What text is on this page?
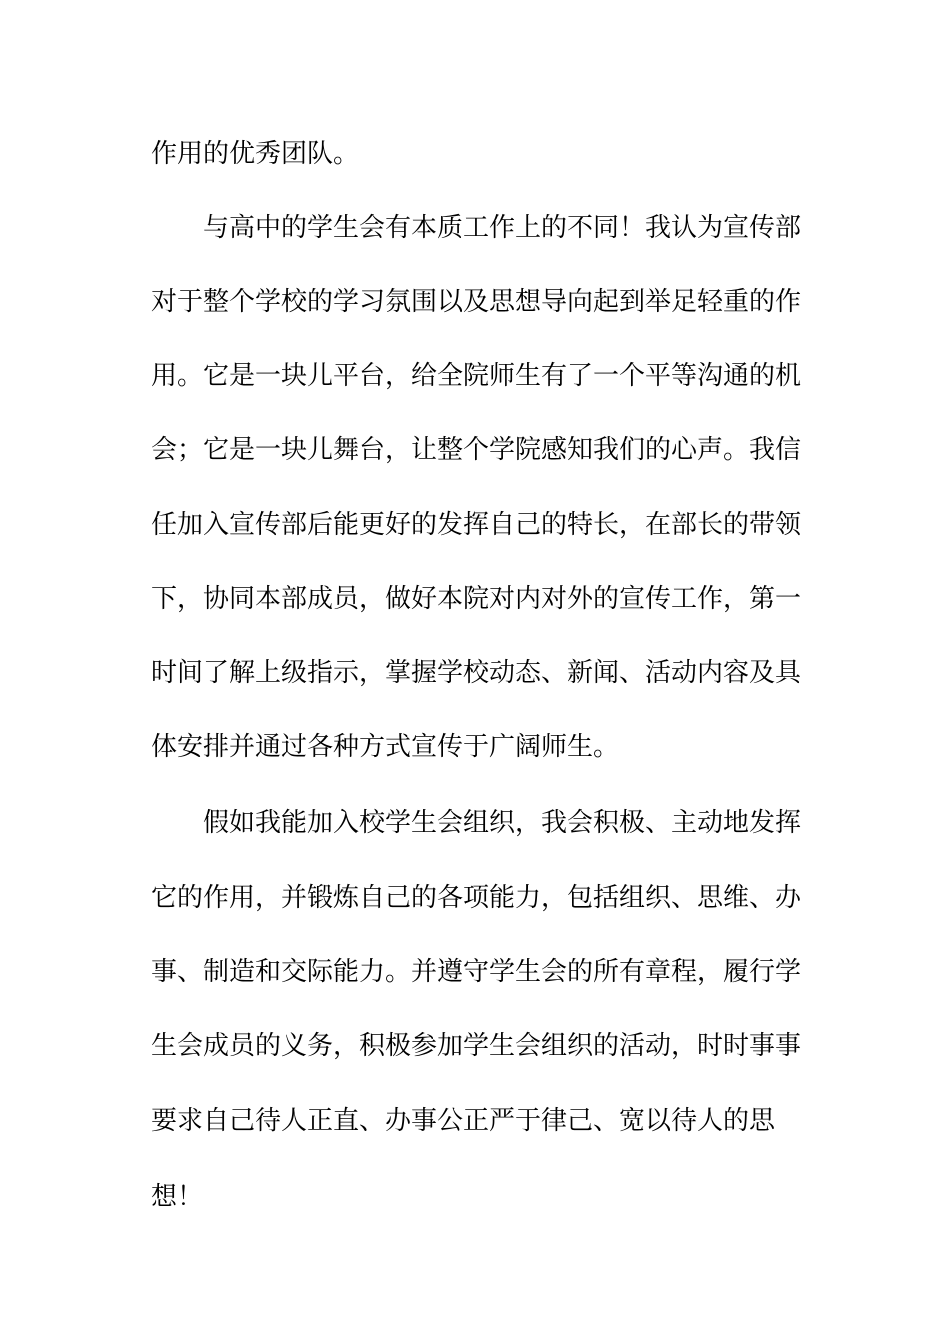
作用的优秀团队。
与高中的学生会有本质工作上的不同！我认为宣传部
对于整个学校的学习氛围以及思想导向起到举足轻重的作
用。它是一块儿平台，给全院师生有了一个平等沟通的机
会；它是一块儿舞台，让整个学院感知我们的心声。我信
任加入宣传部后能更好的发挥自己的特长，在部长的带领
下，协同本部成员，做好本院对内对外的宣传工作，第一
时间了解上级指示，掌握学校动态、新闻、活动内容及具
体安排并通过各种方式宣传于广阔师生。
假如我能加入校学生会组织，我会积极、主动地发挥
它的作用，并锻炼自己的各项能力，包括组织、思维、办
事、制造和交际能力。并遵守学生会的所有章程，履行学
生会成员的义务，积极参加学生会组织的活动，时时事事
要求自己待人正直、办事公正严于律己、宽以待人的思
想！
